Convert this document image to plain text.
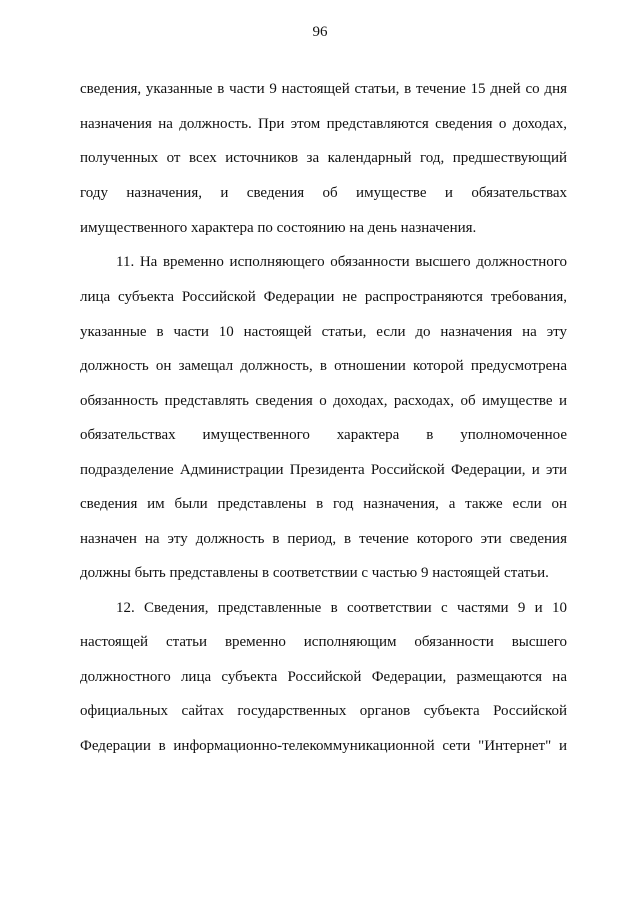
96
сведения, указанные в части 9 настоящей статьи, в течение 15 дней со дня
назначения на должность. При этом представляются сведения о доходах,
полученных от всех источников за календарный год, предшествующий
году назначения, и сведения об имуществе и обязательствах
имущественного характера по состоянию на день назначения.
11. На временно исполняющего обязанности высшего должностного
лица субъекта Российской Федерации не распространяются требования,
указанные в части 10 настоящей статьи, если до назначения на эту
должность он замещал должность, в отношении которой предусмотрена
обязанность представлять сведения о доходах, расходах, об имуществе и
обязательствах имущественного характера в уполномоченное
подразделение Администрации Президента Российской Федерации, и эти
сведения им были представлены в год назначения, а также если он
назначен на эту должность в период, в течение которого эти сведения
должны быть представлены в соответствии с частью 9 настоящей статьи.
12. Сведения, представленные в соответствии с частями 9 и 10
настоящей статьи временно исполняющим обязанности высшего
должностного лица субъекта Российской Федерации, размещаются на
официальных сайтах государственных органов субъекта Российской
Федерации в информационно-телекоммуникационной сети "Интернет" и
